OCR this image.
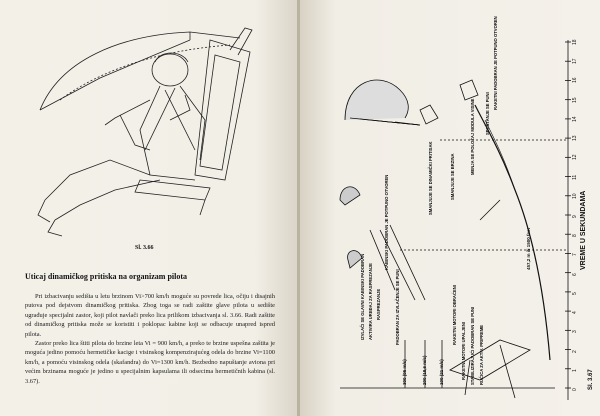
Sl. 3.66
Uticaj dinamičkog pritiska na organizam pilota

Pri izbacivanju sedišta u letu brzinom Vi>700 km/h moguće su povrede lica, očiju i disajnih putova pod dejstvom dinamičkog pritiska. Zbog toga se radi zaštite glave pilota u sedište ugrađuje specijalni zastor, koji pilot navlači preko lica prilikom izbacivanja sl. 3.66. Radi zaštite od dinamičkog pritiska može se koristiti i poklopac kabine koji se odbacuje unapred ispred pilota.

Zastor preko lica štiti pilota do brzine leta Vi = 900 km/h, a preko te brzine uspešna zaštita je moguća jedino pomoću hermetičke kacige i visinskog kompenzirajućeg odela do brzine Vi=1100 km/h, a pomoću visinskog odela (skafandra) do Vi=1300 km/h. Bezbedno napuštanje aviona pri većim brzinama moguće je jedino u specijalnim kapsulama ili odsecima hermetičnih kabina (sl. 3.67).

0
1
2
3
4
5
6
7
8
9
10
11
12
13
14
15
16
17
18
VREME U SEKUNDAMA
457,2 m ili 1500 feet
Sl. 3.67
300 (95 m/s)	200 (18,6 m/s)	100 (21 m/s)
IZVLAČI SE GLAVNI KABINSKI PADOBRAN AKTIVIRA UREĐAJ ZA RASPREZANJE RASPREZANJE
KABINSKI PADOBRAN JE POTPUNO OTVOREN
PADOBRAN ZA IZVLAČENJE SE PUNI	RAKETNI MOTORI OBRAĆENI
RAKETNI MOTORI UPALJENI STABILIZIRAJUĆI PADOBRAN SE PUNI RUČICA ZA AKTIV. PRIPREME
SMANJUJE SE DINAMIČKI PRITISAK	SMANJUJE SE BRZINA
MENJA SE POLOŽAJ MODULA VISINE SPUŠTANJE SE PUNI
RAKETNI PADOBRAN JE POTPUNO OTVOREN
